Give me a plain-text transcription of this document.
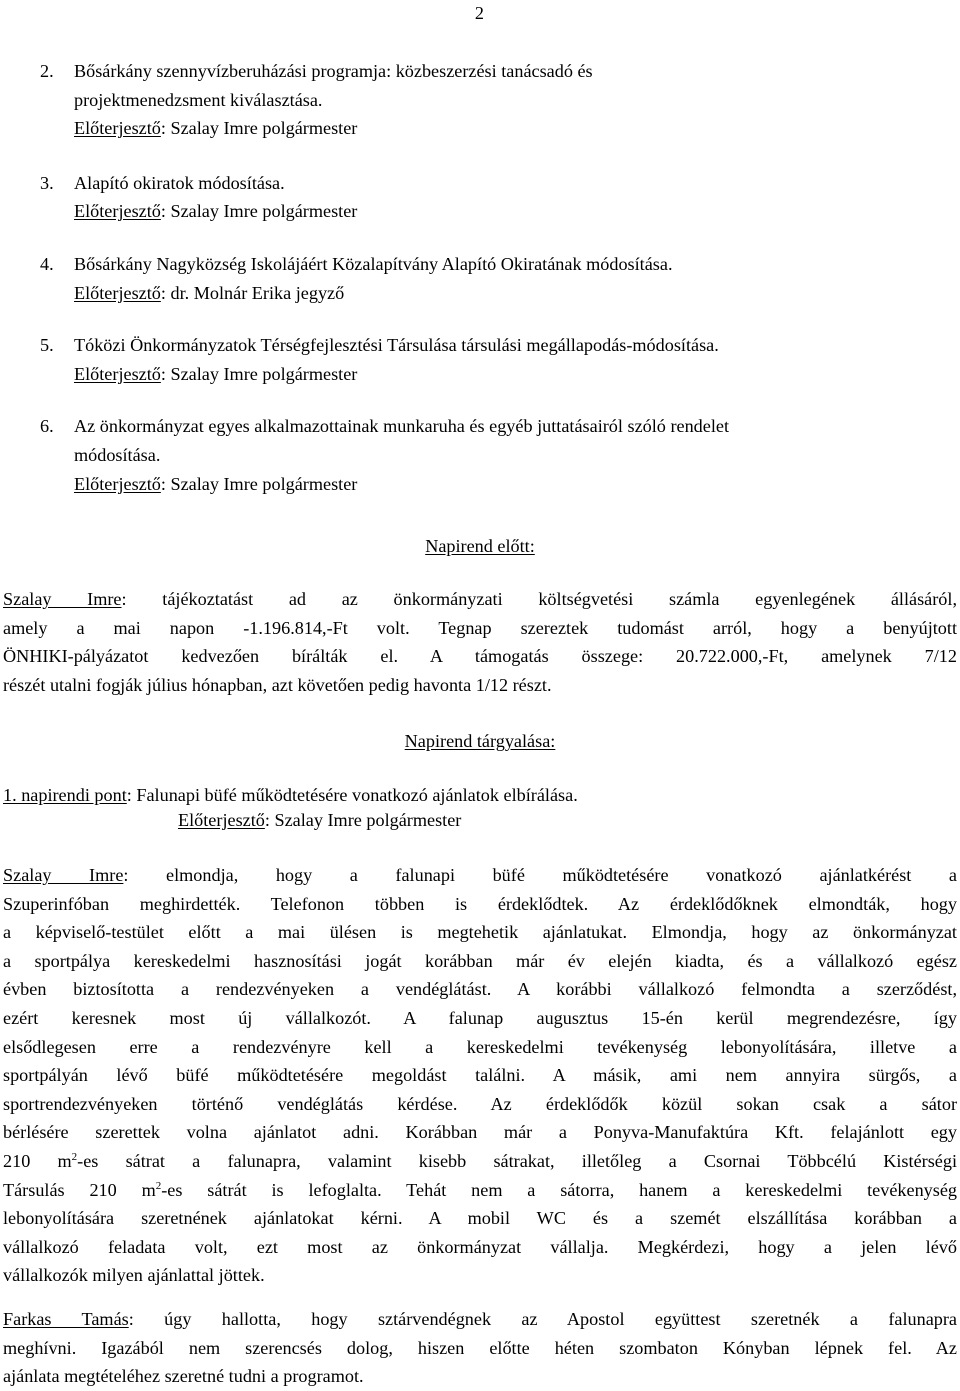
2
2.	Bősárkány szennyvízberuházási programja: közbeszerzési tanácsadó és
projektmenedzsment kiválasztása.
Előterjesztő: Szalay Imre polgármester
3.	Alapító okiratok módosítása.
Előterjesztő: Szalay Imre polgármester
4.	Bősárkány Nagyközség Iskolájáért Közalapítvány Alapító Okiratának módosítása.
Előterjesztő: dr. Molnár Erika jegyző
5.	Tóközi Önkormányzatok Térségfejlesztési Társulása társulási megállapodás-módosítása.
Előterjesztő: Szalay Imre polgármester
6.	Az önkormányzat egyes alkalmazottainak munkaruha és egyéb juttatásairól szóló rendelet
módosítása.
Előterjesztő: Szalay Imre polgármester
Napirend előtt:
Szalay Imre: tájékoztatást ad az önkormányzati költségvetési számla egyenlegének állásáról,
amely a mai napon -1.196.814,-Ft volt. Tegnap szereztek tudomást arról, hogy a benyújtott
ÖNHIKI-pályázatot kedvezően bírálták el. A támogatás összege: 20.722.000,-Ft, amelynek 7/12
részét utalni fogják július hónapban, azt követően pedig havonta 1/12 részt.
Napirend tárgyalása:
1. napirendi pont: Falunapi büfé működtetésére vonatkozó ajánlatok elbírálása.
Előterjesztő: Szalay Imre polgármester
Szalay Imre: elmondja, hogy a falunapi büfé működtetésére vonatkozó ajánlatkérést a
Szuperinfóban meghirdették. Telefonon többen is érdeklődtek. Az érdeklődőknek elmondták, hogy
a képviselő-testület előtt a mai ülésen is megtehetik ajánlatukat. Elmondja, hogy az önkormányzat
a sportpálya kereskedelmi hasznosítási jogát korábban már év elején kiadta, és a vállalkozó egész
évben biztosította a rendezvényeken a vendéglátást. A korábbi vállalkozó felmondta a szerződést,
ezért keresnek most új vállalkozót. A falunap augusztus 15-én kerül megrendezésre, így
elsődlegesen erre a rendezvényre kell a kereskedelmi tevékenység lebonyolítására, illetve a
sportpályán lévő büfé működtetésére megoldást találni. A másik, ami nem annyira sürgős, a
sportrendezvényeken történő vendéglátás kérdése. Az érdeklődők közül sokan csak a sátor
bérlésére szerettek volna ajánlatot adni. Korábban már a Ponyva-Manufaktúra Kft. felajánlott egy
210 $m^2-es$ sátrat a falunapra, valamint kisebb sátrakat, illetőleg a Csornai Többcélú Kistérségi
Társulás 210 $m^2-es$ sátrát is lefoglalta. Tehát nem a sátorra, hanem a kereskedelmi tevékenység
lebonyolítására szeretnének ajánlatokat kérni. A mobil WC és a szemét elszállítása korábban a
vállalkozó feladata volt, ezt most az önkormányzat vállalja. Megkérdezi, hogy a jelen lévő
vállalkozók milyen ajánlattal jöttek.
Farkas Tamás: úgy hallotta, hogy sztárvendégnek az Apostol együttest szeretnék a falunapra
meghívni. Igazából nem szerencsés dolog, hiszen előtte héten szombaton Kónyban lépnek fel. Az
ajánlata megtételéhez szeretné tudni a programot.
